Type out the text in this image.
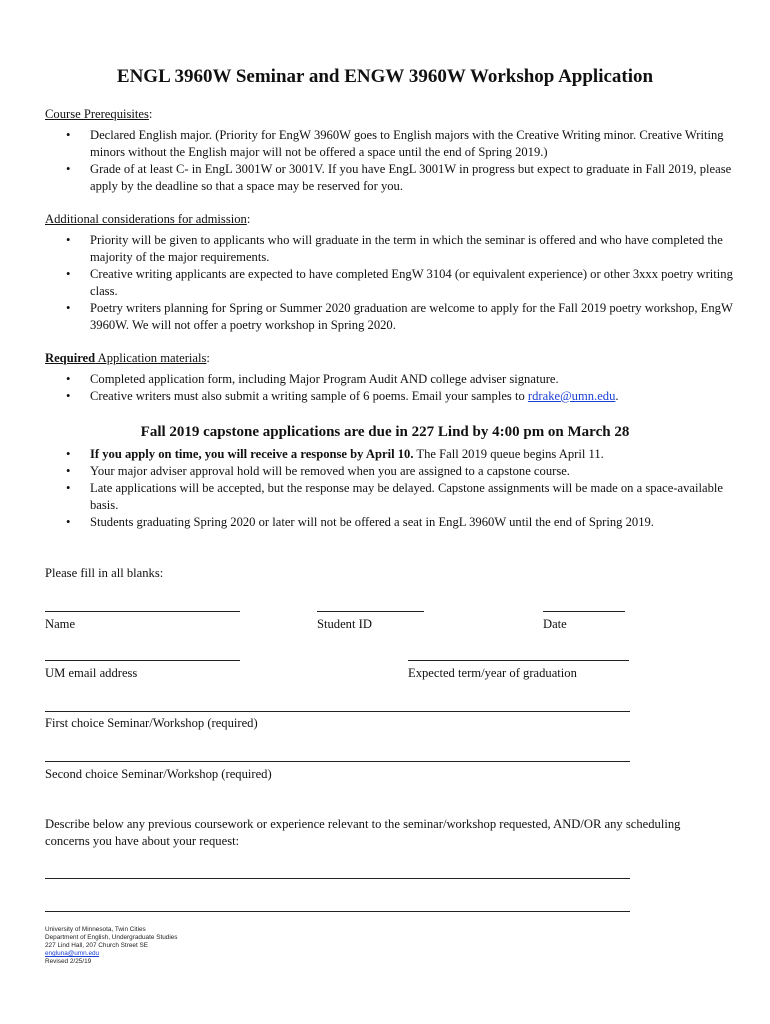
ENGL 3960W Seminar and ENGW 3960W Workshop Application

Course Prerequisites:

• Declared English major. (Priority for EngW 3960W goes to English majors with the Creative Writing minor. Creative Writing minors without the English major will not be offered a space until the end of Spring 2019.)
• Grade of at least C- in EngL 3001W or 3001V. If you have EngL 3001W in progress but expect to graduate in Fall 2019, please apply by the deadline so that a space may be reserved for you.

Additional considerations for admission:

• Priority will be given to applicants who will graduate in the term in which the seminar is offered and who have completed the majority of the major requirements.
• Creative writing applicants are expected to have completed EngW 3104 (or equivalent experience) or other 3xxx poetry writing class.
• Poetry writers planning for Spring or Summer 2020 graduation are welcome to apply for the Fall 2019 poetry workshop, EngW 3960W. We will not offer a poetry workshop in Spring 2020.

Required Application materials:

• Completed application form, including Major Program Audit AND college adviser signature.
• Creative writers must also submit a writing sample of 6 poems. Email your samples to rdrake@umn.edu.

Fall 2019 capstone applications are due in 227 Lind by 4:00 pm on March 28

• If you apply on time, you will receive a response by April 10. The Fall 2019 queue begins April 11.
• Your major adviser approval hold will be removed when you are assigned to a capstone course.
• Late applications will be accepted, but the response may be delayed. Capstone assignments will be made on a space-available basis.
• Students graduating Spring 2020 or later will not be offered a seat in EngL 3960W until the end of Spring 2019.

Please fill in all blanks:

Name	Student ID	Date
UM email address	Expected term/year of graduation
First choice Seminar/Workshop (required)
Second choice Seminar/Workshop (required)

Describe below any previous coursework or experience relevant to the seminar/workshop requested, AND/OR any scheduling concerns you have about your request:

University of Minnesota, Twin Cities
Department of English, Undergraduate Studies
227 Lind Hall, 207 Church Street SE
engluna@umn.edu
Revised 2/25/19
